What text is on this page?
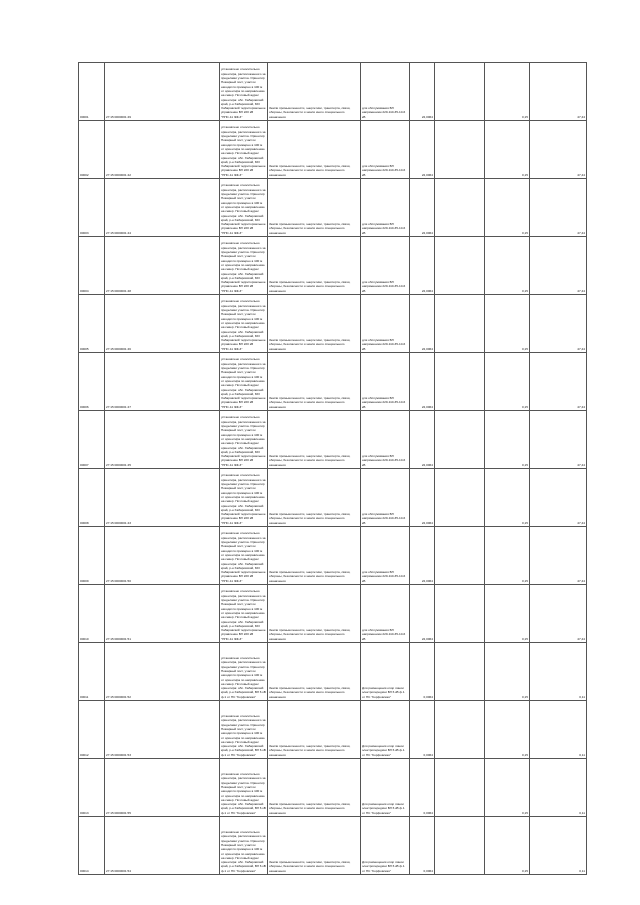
00001	27:15:0000001:49	установлено относительно ориентира, расположенного за пределами участка. Ориентир Пожарный пост, участок находится примерно в 100 м от ориентира по направлению на север. Почтовый адрес ориентира: обл. Хабаровский край, р-н Хабаровский, МО Хабаровский территориальное управление ВЛ 220 кВ "НПС-11 ЭФ-3"	Земли промышленности, энергетики, транспорта, связи, обороны, безопасности и земли иного специального назначения	для обслуживания ВЛ напряжением 220-110-35-10-6 кВ	22,0064		0,15	47,44
00002	27:15:0000001:42	установлено относительно ориентира, расположенного за пределами участка. Ориентир Пожарный пост, участок находится примерно в 100 м от ориентира по направлению на север. Почтовый адрес ориентира: обл. Хабаровский край, р-н Хабаровский, МО Хабаровский территориальное управление ВЛ 220 кВ "НПС-11 ЭФ-3"	Земли промышленности, энергетики, транспорта, связи, обороны, безопасности и земли иного специального назначения	для обслуживания ВЛ напряжением 220-110-35-10-6 кВ	22,0064		0,15	47,44
00003	27:15:0000001:44	установлено относительно ориентира, расположенного за пределами участка. Ориентир Пожарный пост, участок находится примерно в 100 м от ориентира по направлению на север. Почтовый адрес ориентира: обл. Хабаровский край, р-н Хабаровский, МО Хабаровский территориальное управление ВЛ 220 кВ "НПС-11 ЭФ-3"	Земли промышленности, энергетики, транспорта, связи, обороны, безопасности и земли иного специального назначения	для обслуживания ВЛ напряжением 220-110-35-10-6 кВ	22,0064		0,15	47,44
00004	27:15:0000001:48	установлено относительно ориентира, расположенного за пределами участка. Ориентир Пожарный пост, участок находится примерно в 100 м от ориентира по направлению на север. Почтовый адрес ориентира: обл. Хабаровский край, р-н Хабаровский, МО Хабаровский территориальное управление ВЛ 220 кВ "НПС-11 ЭФ-3"	Земли промышленности, энергетики, транспорта, связи, обороны, безопасности и земли иного специального назначения	для обслуживания ВЛ напряжением 220-110-35-10-6 кВ	22,0064		0,15	47,44
00005	27:15:0000001:46	установлено относительно ориентира, расположенного за пределами участка. Ориентир Пожарный пост, участок находится примерно в 100 м от ориентира по направлению на север. Почтовый адрес ориентира: обл. Хабаровский край, р-н Хабаровский, МО Хабаровский территориальное управление ВЛ 220 кВ "НПС-11 ЭФ-3"	Земли промышленности, энергетики, транспорта, связи, обороны, безопасности и земли иного специального назначения	для обслуживания ВЛ напряжением 220-110-35-10-6 кВ	22,0064		0,15	47,44
00006	27:15:0000001:47	установлено относительно ориентира, расположенного за пределами участка. Ориентир Пожарный пост, участок находится примерно в 100 м от ориентира по направлению на север. Почтовый адрес ориентира: обл. Хабаровский край, р-н Хабаровский, МО Хабаровский территориальное управление ВЛ 220 кВ "НПС-11 ЭФ-3"	Земли промышленности, энергетики, транспорта, связи, обороны, безопасности и земли иного специального назначения	для обслуживания ВЛ напряжением 220-110-35-10-6 кВ	22,0064		0,15	47,44
00007	27:15:0000001:45	установлено относительно ориентира, расположенного за пределами участка. Ориентир Пожарный пост, участок находится примерно в 100 м от ориентира по направлению на север. Почтовый адрес ориентира: обл. Хабаровский край, р-н Хабаровский, МО Хабаровский территориальное управление ВЛ 220 кВ "НПС-11 ЭФ-3"	Земли промышленности, энергетики, транспорта, связи, обороны, безопасности и земли иного специального назначения	для обслуживания ВЛ напряжением 220-110-35-10-6 кВ	22,0064		0,15	47,44
00008	27:15:0000001:43	установлено относительно ориентира, расположенного за пределами участка. Ориентир Пожарный пост, участок находится примерно в 100 м от ориентира по направлению на север. Почтовый адрес ориентира: обл. Хабаровский край, р-н Хабаровский, МО Хабаровский территориальное управление ВЛ 220 кВ "НПС-11 ЭФ-3"	Земли промышленности, энергетики, транспорта, связи, обороны, безопасности и земли иного специального назначения	для обслуживания ВЛ напряжением 220-110-35-10-6 кВ	22,0064		0,15	47,44
00009	27:15:0000001:50	установлено относительно ориентира, расположенного за пределами участка. Ориентир Пожарный пост, участок находится примерно в 100 м от ориентира по направлению на север. Почтовый адрес ориентира: обл. Хабаровский край, р-н Хабаровский, МО Хабаровский территориальное управление ВЛ 220 кВ "НПС-11 ЭФ-3"	Земли промышленности, энергетики, транспорта, связи, обороны, безопасности и земли иного специального назначения	для обслуживания ВЛ напряжением 220-110-35-10-6 кВ	22,0064		0,15	47,44
00010	27:15:0000001:51	установлено относительно ориентира, расположенного за пределами участка. Ориентир Пожарный пост, участок находится примерно в 100 м от ориентира по направлению на север. Почтовый адрес ориентира: обл. Хабаровский край, р-н Хабаровский, МО Хабаровский территориальное управление ВЛ 220 кВ "НПС-11 ЭФ-3"	Земли промышленности, энергетики, транспорта, связи, обороны, безопасности и земли иного специального назначения	для обслуживания ВЛ напряжением 220-110-35-10-6 кВ	22,0064		0,15	47,44
00011	27:15:0000001:52	установлено относительно ориентира, расположенного за пределами участка. Ориентир Пожарный пост, участок находится примерно в 100 м от ориентира по направлению на север. Почтовый адрес ориентира: обл. Хабаровский край, р-н Хабаровский, ВЛ 6 кВ ф.1 от ПС "Корфовская"	Земли промышленности, энергетики, транспорта, связи, обороны, безопасности и земли иного специального назначения	Для размещения опор линии электропередачи ВЛ 6 кВ ф.1 от ПС "Корфовская"	0,0064		0,15	0,11
00012	27:15:0000001:53	установлено относительно ориентира, расположенного за пределами участка. Ориентир Пожарный пост, участок находится примерно в 100 м от ориентира по направлению на север. Почтовый адрес ориентира: обл. Хабаровский край, р-н Хабаровский, ВЛ 6 кВ ф.1 от ПС "Корфовская"	Земли промышленности, энергетики, транспорта, связи, обороны, безопасности и земли иного специального назначения	Для размещения опор линии электропередачи ВЛ 6 кВ ф.1 от ПС "Корфовская"	0,0064		0,15	0,11
00013	27:15:0000001:55	установлено относительно ориентира, расположенного за пределами участка. Ориентир Пожарный пост, участок находится примерно в 100 м от ориентира по направлению на север. Почтовый адрес ориентира: обл. Хабаровский край, р-н Хабаровский, ВЛ 6 кВ ф.1 от ПС "Корфовская"	Земли промышленности, энергетики, транспорта, связи, обороны, безопасности и земли иного специального назначения	Для размещения опор линии электропередачи ВЛ 6 кВ ф.1 от ПС "Корфовская"	0,0064		0,15	0,11
00014	27:15:0000001:54	установлено относительно ориентира, расположенного за пределами участка. Ориентир Пожарный пост, участок находится примерно в 100 м от ориентира по направлению на север. Почтовый адрес ориентира: обл. Хабаровский край, р-н Хабаровский, ВЛ 6 кВ ф.1 от ПС "Корфовская"	Земли промышленности, энергетики, транспорта, связи, обороны, безопасности и земли иного специального назначения	Для размещения опор линии электропередачи ВЛ 6 кВ ф.1 от ПС "Корфовская"	0,0064		0,15	0,11
